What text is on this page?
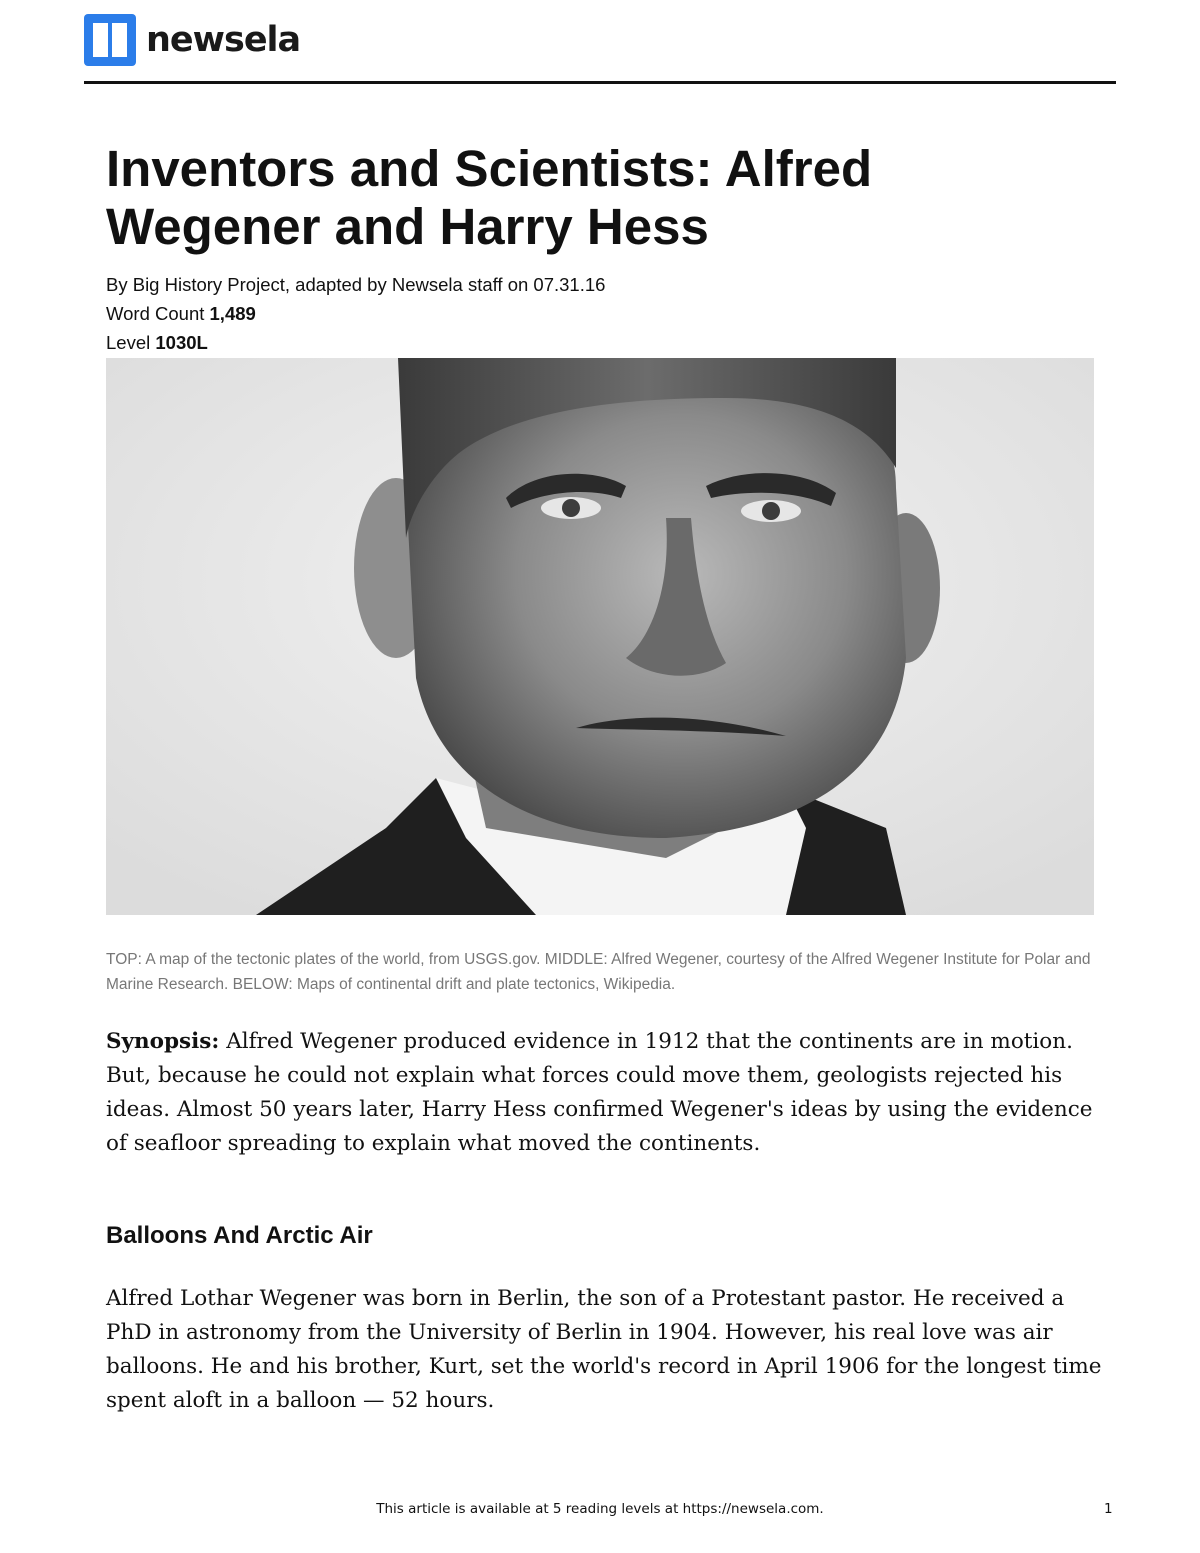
newsela
Inventors and Scientists: Alfred Wegener and Harry Hess
By Big History Project, adapted by Newsela staff on 07.31.16
Word Count 1,489
Level 1030L

TOP: A map of the tectonic plates of the world, from USGS.gov. MIDDLE: Alfred Wegener, courtesy of the Alfred Wegener Institute for Polar and Marine Research. BELOW: Maps of continental drift and plate tectonics, Wikipedia.

Synopsis: Alfred Wegener produced evidence in 1912 that the continents are in motion. But, because he could not explain what forces could move them, geologists rejected his ideas. Almost 50 years later, Harry Hess confirmed Wegener's ideas by using the evidence of seafloor spreading to explain what moved the continents.

Balloons And Arctic Air

Alfred Lothar Wegener was born in Berlin, the son of a Protestant pastor. He received a PhD in astronomy from the University of Berlin in 1904. However, his real love was air balloons. He and his brother, Kurt, set the world's record in April 1906 for the longest time spent aloft in a balloon — 52 hours.

This article is available at 5 reading levels at https://newsela.com.	1
